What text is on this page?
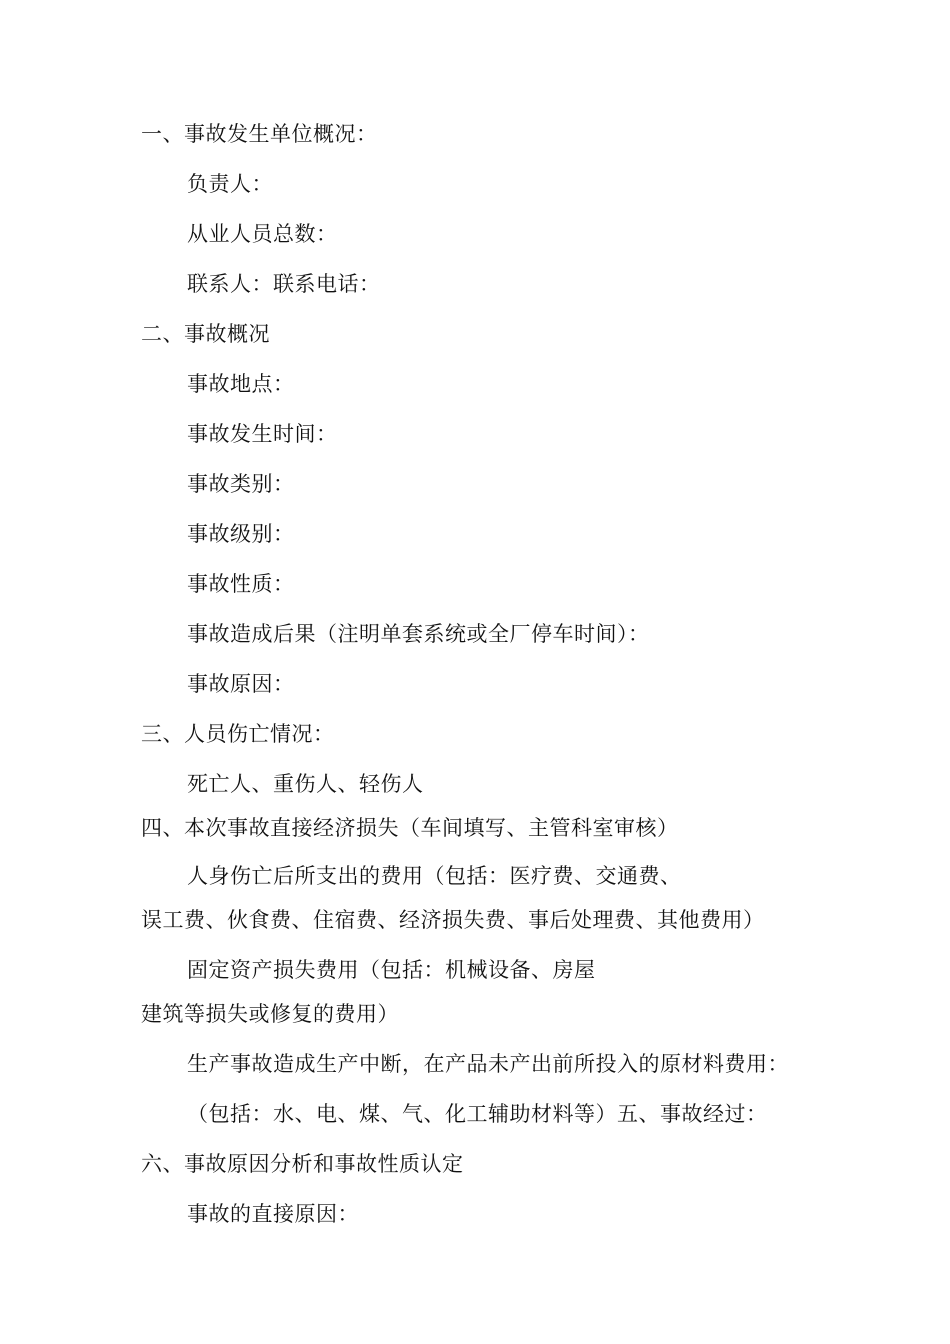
一、事故发生单位概况：
负责人：
从业人员总数：
联系人：联系电话：
二、事故概况
事故地点：
事故发生时间：
事故类别：
事故级别：
事故性质：
事故造成后果（注明单套系统或全厂停车时间）：
事故原因：
三、人员伤亡情况：
死亡人、重伤人、轻伤人
四、本次事故直接经济损失（车间填写、主管科室审核）
人身伤亡后所支出的费用（包括：医疗费、交通费、
误工费、伙食费、住宿费、经济损失费、事后处理费、其他费用）
固定资产损失费用（包括：机械设备、房屋
建筑等损失或修复的费用）
生产事故造成生产中断，在产品未产出前所投入的原材料费用：
（包括：水、电、煤、气、化工辅助材料等）五、事故经过：
六、事故原因分析和事故性质认定
事故的直接原因：
